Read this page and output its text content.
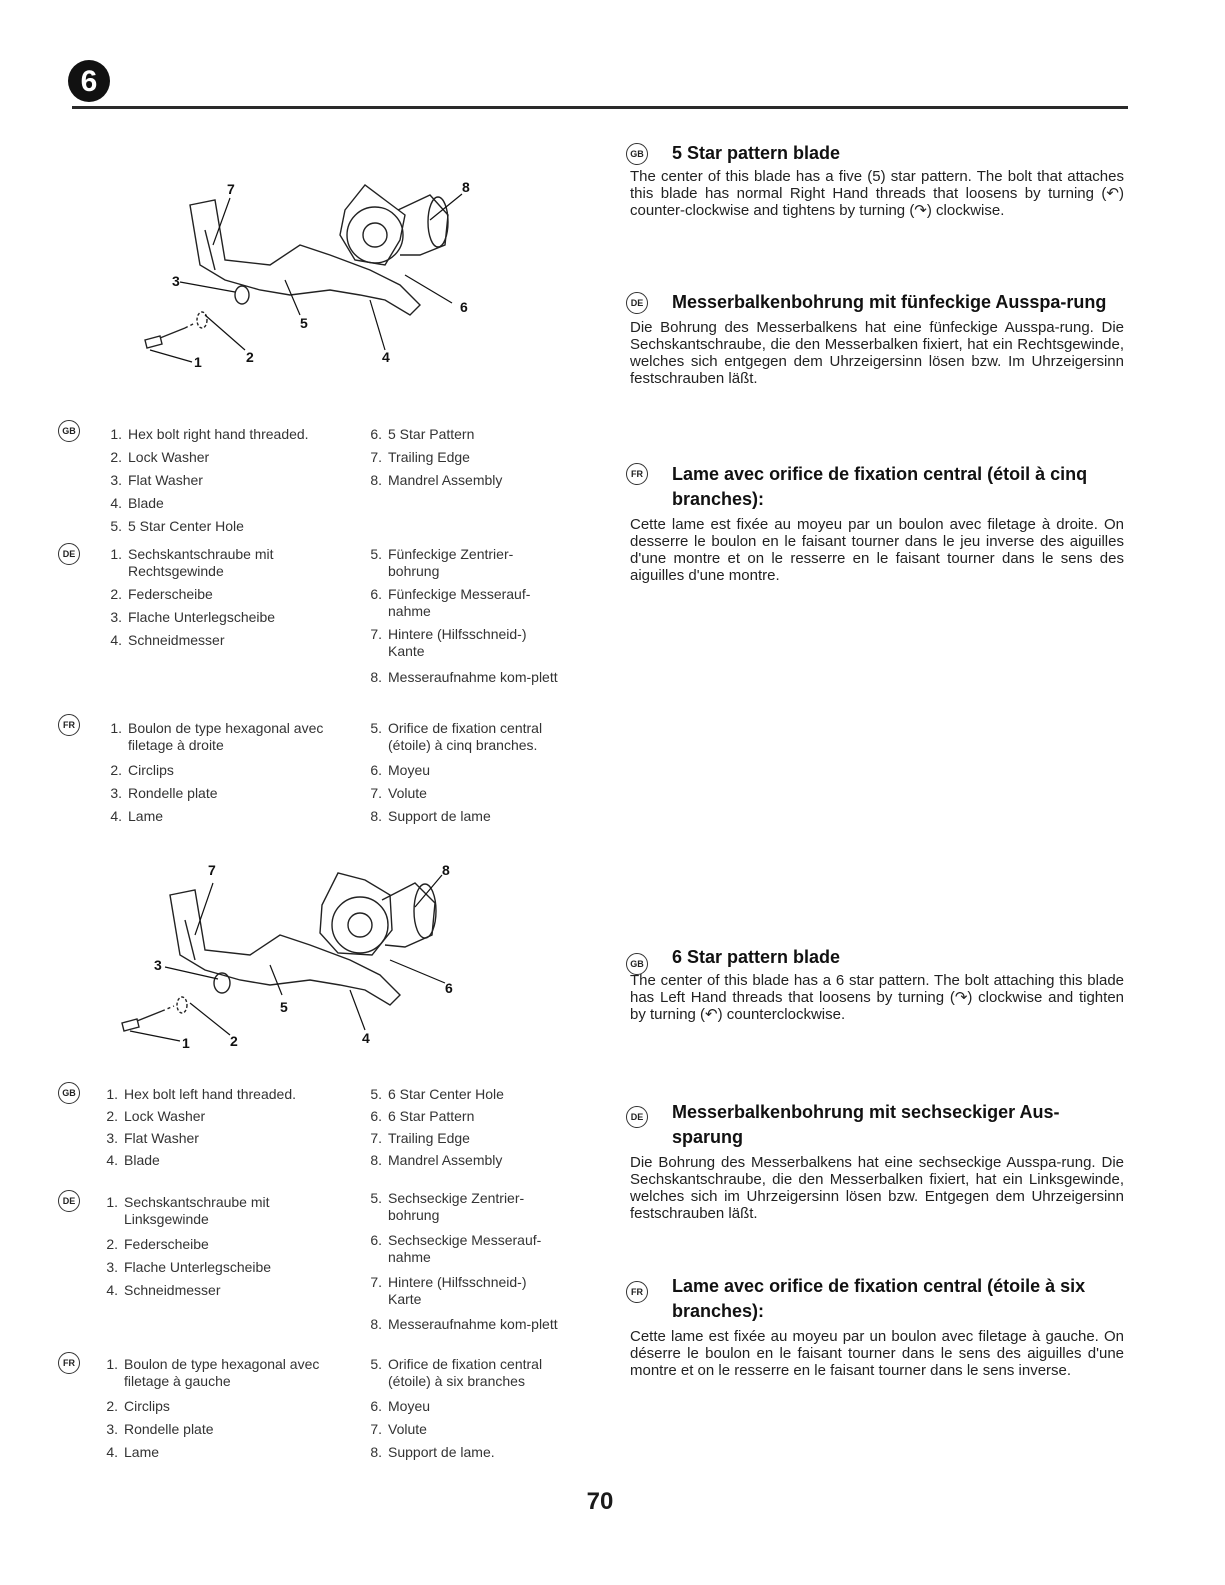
6
7	8
3
5
6
1	2	4
GB	1. Hex bolt right hand threaded.
2. Lock Washer
3. Flat Washer
4. Blade
5. 5 Star Center Hole
6. 5 Star Pattern
7. Trailing Edge
8. Mandrel Assembly
DE	1. Sechskantschraube mit Rechtsgewinde
2. Federscheibe
3. Flache Unterlegscheibe
4. Schneidmesser
5. Fünfeckige Zentrier-bohrung
6. Fünfeckige Messerauf-nahme
7. Hintere (Hilfsschneid-) Kante
8. Messeraufnahme kom-plett
FR	1. Boulon de type hexagonal avec filetage à droite
2. Circlips
3. Rondelle plate
4. Lame
5. Orifice de fixation central (étoile) à cinq branches.
6. Moyeu
7. Volute
8. Support de lame
7	8
3
5
6
1	2	4
GB	1. Hex bolt left hand threaded.
2. Lock Washer
3. Flat Washer
4. Blade
5. 6 Star Center Hole
6. 6 Star Pattern
7. Trailing Edge
8. Mandrel Assembly
DE	1. Sechskantschraube mit Linksgewinde
2. Federscheibe
3. Flache Unterlegscheibe
4. Schneidmesser
5. Sechseckige Zentrier-bohrung
6. Sechseckige Messerauf-nahme
7. Hintere (Hilfsschneid-) Karte
8. Messeraufnahme kom-plett
FR	1. Boulon de type hexagonal avec filetage à gauche
2. Circlips
3. Rondelle plate
4. Lame
5. Orifice de fixation central (étoile) à six branches
6. Moyeu
7. Volute
8. Support de lame.
GB	5 Star pattern blade

The center of this blade has a five (5) star pattern. The bolt that attaches this blade has normal Right Hand threads that loosens by turning (↶) counter-clockwise and tightens by turning (↷) clockwise.

DE	Messerbalkenbohrung mit fünfeckige Ausspa-rung

Die Bohrung des Messerbalkens hat eine fünfeckige Ausspa-rung. Die Sechskantschraube, die den Messerbalken fixiert, hat ein Rechtsgewinde, welches sich entgegen dem Uhrzeigersinn lösen bzw. Im Uhrzeigersinn festschrauben läßt.

FR	Lame avec orifice de fixation central (étoil à cinq branches):

Cette lame est fixée au moyeu par un boulon avec filetage à droite. On desserre le boulon en le faisant tourner dans le jeu inverse des aiguilles d'une montre et on le resserre en le faisant tourner dans le sens des aiguilles d'une montre.

GB	6 Star pattern blade

The center of this blade has a 6 star pattern. The bolt attaching this blade has Left Hand threads that loosens by turning (↷) clockwise and tighten by turning (↶) counterclockwise.

DE	Messerbalkenbohrung mit sechseckiger Aus-sparung

Die Bohrung des Messerbalkens hat eine sechseckige Ausspa-rung. Die Sechskantschraube, die den Messerbalken fixiert, hat ein Linksgewinde, welches sich im Uhrzeigersinn lösen bzw. Entgegen dem Uhrzeigersinn festschrauben läßt.

FR	Lame avec orifice de fixation central (étoile à six branches):

Cette lame est fixée au moyeu par un boulon avec filetage à gauche. On déserre le boulon en le faisant tourner dans le sens des aiguilles d'une montre et on le resserre en le faisant tourner dans le sens inverse.

70
